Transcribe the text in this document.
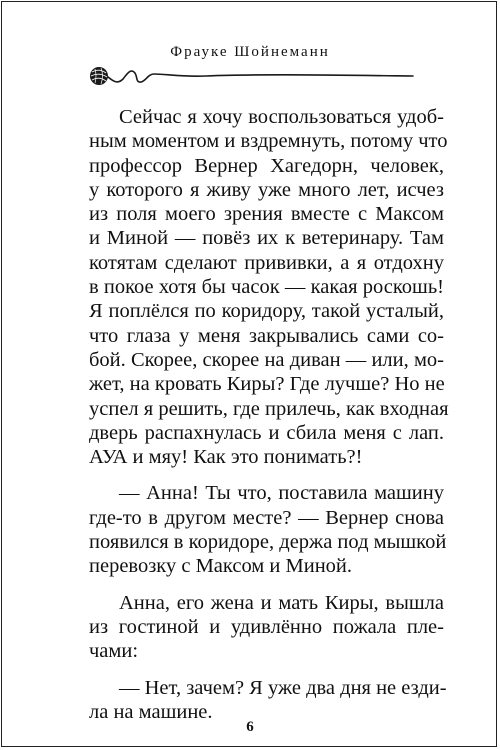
Фрауке Шойнеманн

Сейчас я хочу воспользоваться удоб-
ным моментом и вздремнуть, потому что
профессор Вернер Хагедорн, человек,
у которого я живу уже много лет, исчез
из поля моего зрения вместе с Максом
и Миной — повёз их к ветеринару. Там
котятам сделают прививки, а я отдохну
в покое хотя бы часок — какая роскошь!
Я поплёлся по коридору, такой усталый,
что глаза у меня закрывались сами со-
бой. Скорее, скорее на диван — или, мо-
жет, на кровать Киры? Где лучше? Но не
успел я решить, где прилечь, как входная
дверь распахнулась и сбила меня с лап.
АУА и мяу! Как это понимать?!

— Анна! Ты что, поставила машину
где-то в другом месте? — Вернер снова
появился в коридоре, держа под мышкой
перевозку с Максом и Миной.

Анна, его жена и мать Киры, вышла
из гостиной и удивлённо пожала пле-
чами:

— Нет, зачем? Я уже два дня не езди-
ла на машине.

6
